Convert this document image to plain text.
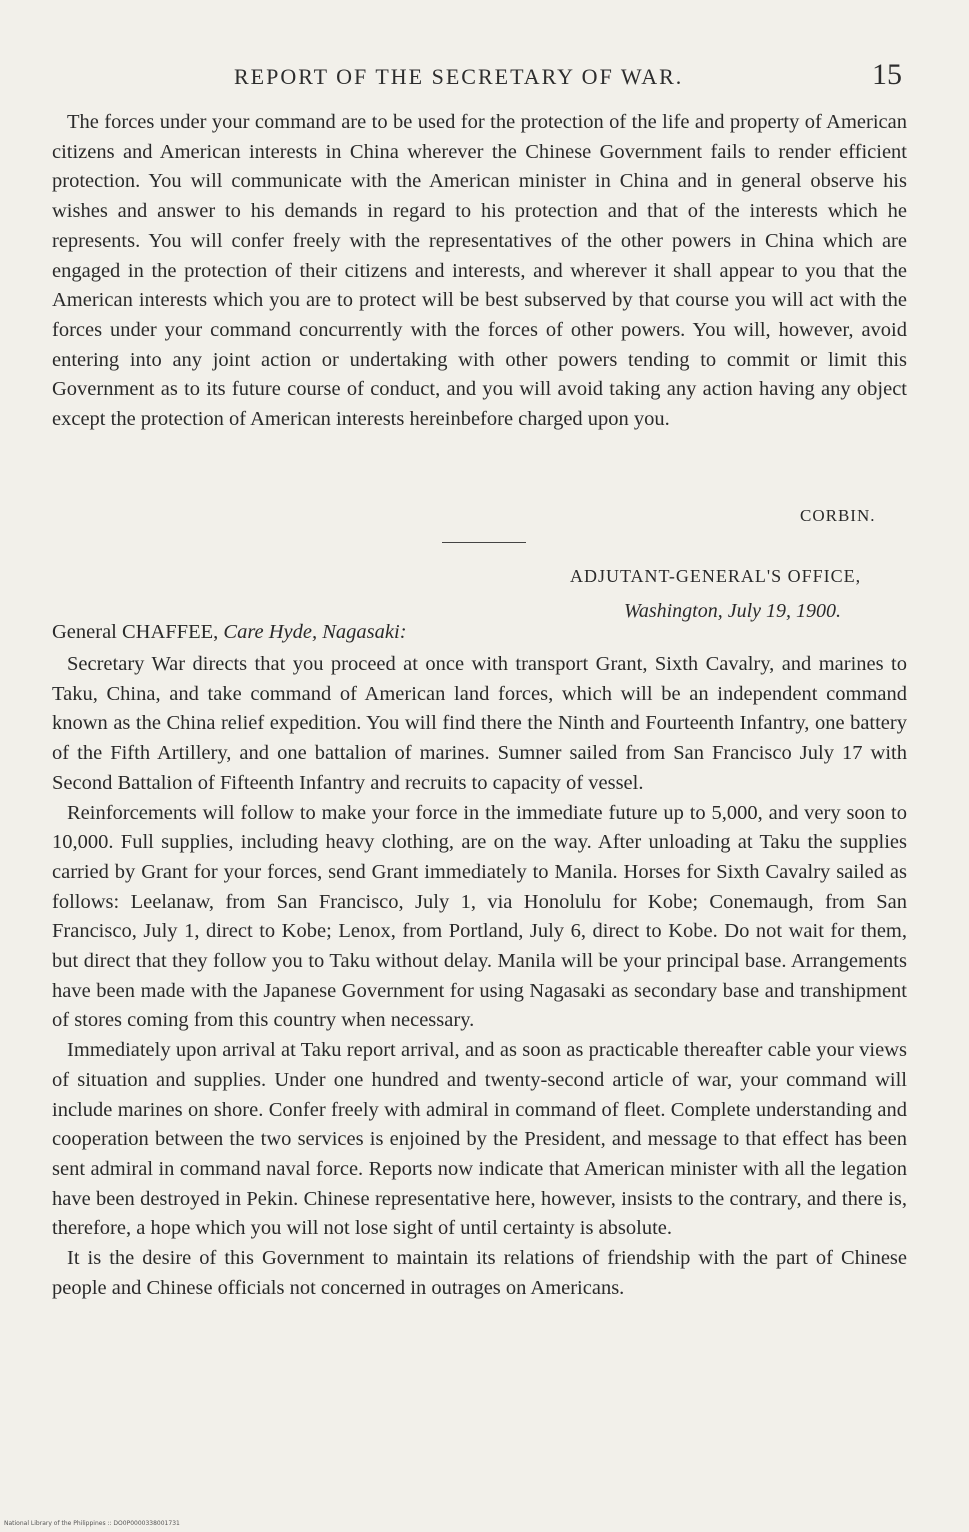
REPORT OF THE SECRETARY OF WAR.	15

The forces under your command are to be used for the protection of the life and property of American citizens and American interests in China wherever the Chinese Government fails to render efficient protection. You will communicate with the American minister in China and in general observe his wishes and answer to his demands in regard to his protection and that of the interests which he represents. You will confer freely with the representatives of the other powers in China which are engaged in the protection of their citizens and interests, and wherever it shall appear to you that the American interests which you are to protect will be best subserved by that course you will act with the forces under your command concurrently with the forces of other powers. You will, however, avoid entering into any joint action or undertaking with other powers tending to commit or limit this Government as to its future course of conduct, and you will avoid taking any action having any object except the protection of American interests hereinbefore charged upon you.

CORBIN.
ADJUTANT-GENERAL'S OFFICE,
Washington, July 19, 1900.
General CHAFFEE, Care Hyde, Nagasaki:

Secretary War directs that you proceed at once with transport Grant, Sixth Cavalry, and marines to Taku, China, and take command of American land forces, which will be an independent command known as the China relief expedition. You will find there the Ninth and Fourteenth Infantry, one battery of the Fifth Artillery, and one battalion of marines. Sumner sailed from San Francisco July 17 with Second Battalion of Fifteenth Infantry and recruits to capacity of vessel.

Reinforcements will follow to make your force in the immediate future up to 5,000, and very soon to 10,000. Full supplies, including heavy clothing, are on the way. After unloading at Taku the supplies carried by Grant for your forces, send Grant immediately to Manila. Horses for Sixth Cavalry sailed as follows: Leelanaw, from San Francisco, July 1, via Honolulu for Kobe; Conemaugh, from San Francisco, July 1, direct to Kobe; Lenox, from Portland, July 6, direct to Kobe. Do not wait for them, but direct that they follow you to Taku without delay. Manila will be your principal base. Arrangements have been made with the Japanese Government for using Nagasaki as secondary base and transhipment of stores coming from this country when necessary.

Immediately upon arrival at Taku report arrival, and as soon as practicable thereafter cable your views of situation and supplies. Under one hundred and twenty-second article of war, your command will include marines on shore. Confer freely with admiral in command of fleet. Complete understanding and cooperation between the two services is enjoined by the President, and message to that effect has been sent admiral in command naval force. Reports now indicate that American minister with all the legation have been destroyed in Pekin. Chinese representative here, however, insists to the contrary, and there is, therefore, a hope which you will not lose sight of until certainty is absolute.

It is the desire of this Government to maintain its relations of friendship with the part of Chinese people and Chinese officials not concerned in outrages on Americans.

National Library of the Philippines :: DO0P0000338001731
